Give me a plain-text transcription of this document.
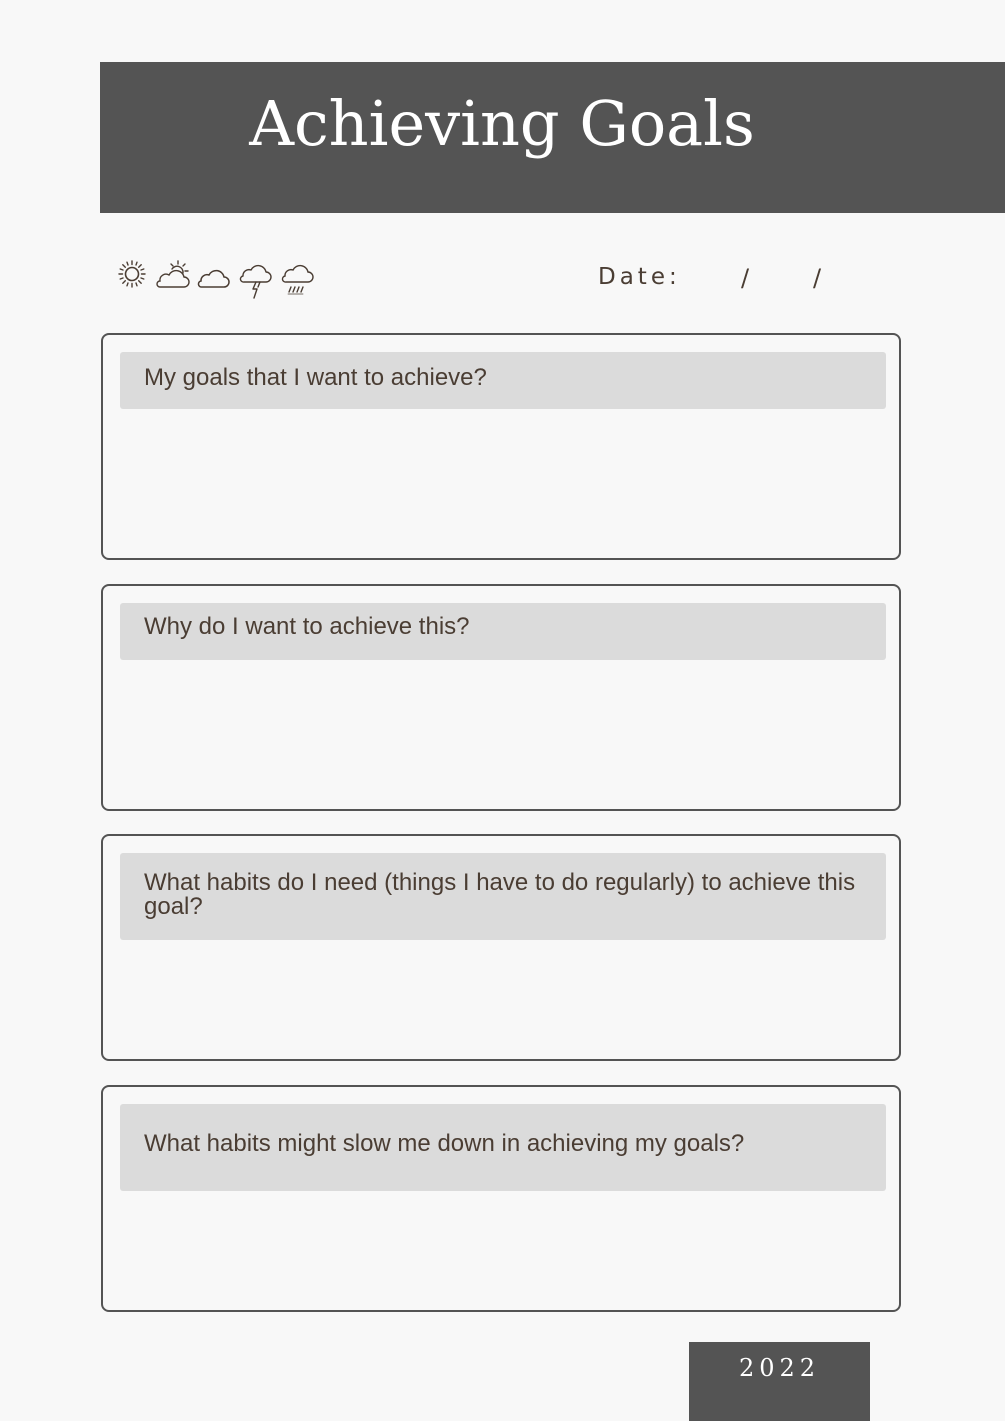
Achieving Goals
Date:	/	/
My goals that I want to achieve?
Why do I want to achieve this?
What habits do I need (things I have to do regularly) to achieve this goal?
What habits might slow me down in achieving my goals?
2022
